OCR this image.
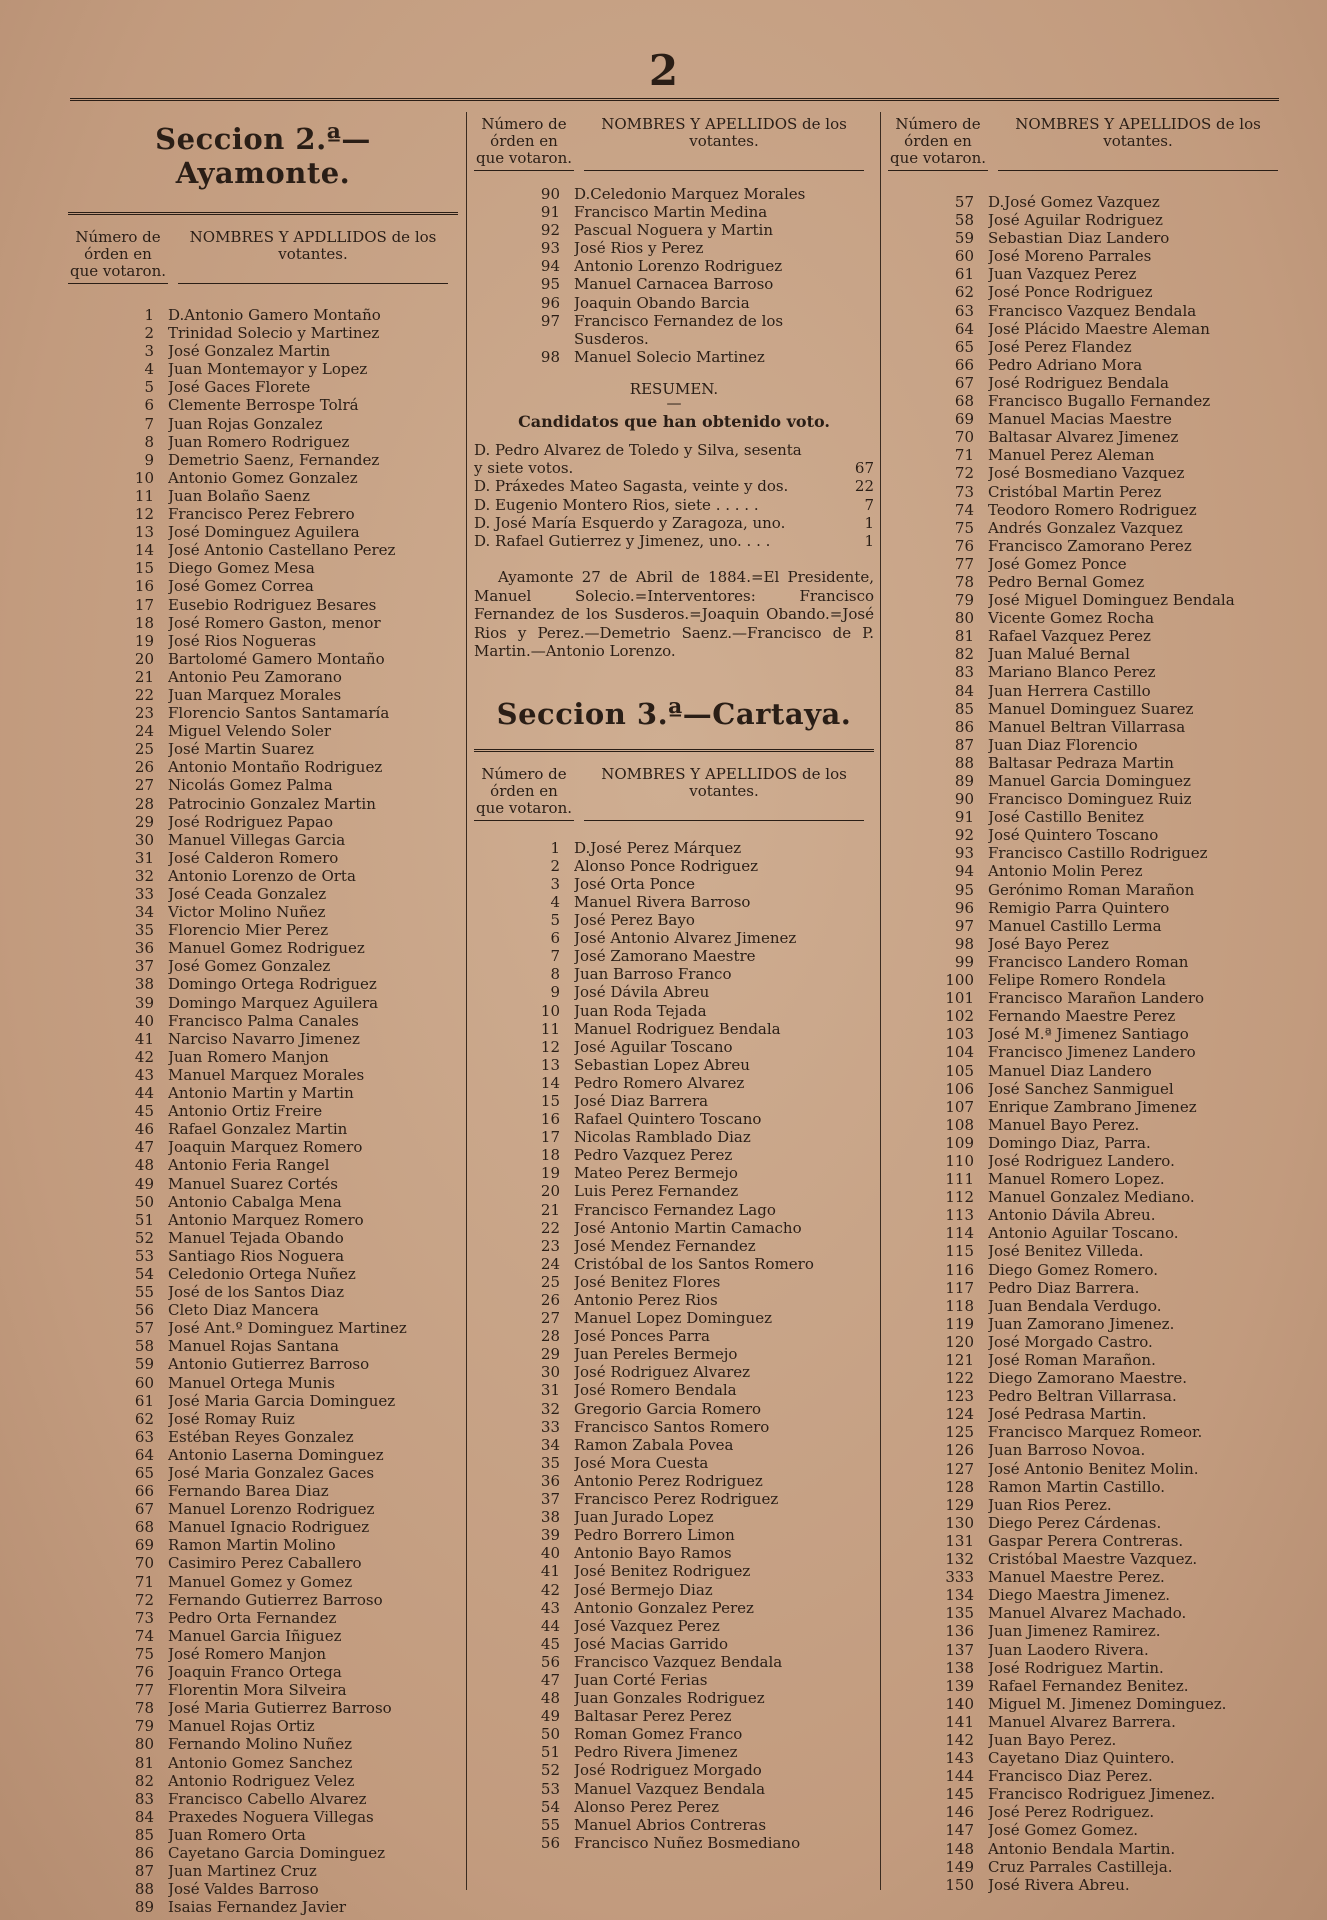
2
Seccion 2.ª—Ayamonte.
Número de órden en que votaron.
NOMBRES Y APDLLIDOS de los votantes.
1 D.Antonio Gamero Montaño
2 Trinidad Solecio y Martinez
3 José Gonzalez Martin
4 Juan Montemayor y Lopez
5 José Gaces Florete
6 Clemente Berrospe Tolrá
7 Juan Rojas Gonzalez
8 Juan Romero Rodriguez
9 Demetrio Saenz, Fernandez
10 Antonio Gomez Gonzalez
11 Juan Bolaño Saenz
12 Francisco Perez Febrero
13 José Dominguez Aguilera
14 José Antonio Castellano Perez
15 Diego Gomez Mesa
16 José Gomez Correa
17 Eusebio Rodriguez Besares
18 José Romero Gaston, menor
19 José Rios Nogueras
20 Bartolomé Gamero Montaño
21 Antonio Peu Zamorano
22 Juan Marquez Morales
23 Florencio Santos Santamaría
24 Miguel Velendo Soler
25 José Martin Suarez
26 Antonio Montaño Rodriguez
27 Nicolás Gomez Palma
28 Patrocinio Gonzalez Martin
29 José Rodriguez Papao
30 Manuel Villegas Garcia
31 José Calderon Romero
32 Antonio Lorenzo de Orta
33 José Ceada Gonzalez
34 Victor Molino Nuñez
35 Florencio Mier Perez
36 Manuel Gomez Rodriguez
37 José Gomez Gonzalez
38 Domingo Ortega Rodriguez
39 Domingo Marquez Aguilera
40 Francisco Palma Canales
41 Narciso Navarro Jimenez
42 Juan Romero Manjon
43 Manuel Marquez Morales
44 Antonio Martin y Martin
45 Antonio Ortiz Freire
46 Rafael Gonzalez Martin
47 Joaquin Marquez Romero
48 Antonio Feria Rangel
49 Manuel Suarez Cortés
50 Antonio Cabalga Mena
51 Antonio Marquez Romero
52 Manuel Tejada Obando
53 Santiago Rios Noguera
54 Celedonio Ortega Nuñez
55 José de los Santos Diaz
56 Cleto Diaz Mancera
57 José Ant.º Dominguez Martinez
58 Manuel Rojas Santana
59 Antonio Gutierrez Barroso
60 Manuel Ortega Munis
61 José Maria Garcia Dominguez
62 José Romay Ruiz
63 Estéban Reyes Gonzalez
64 Antonio Laserna Dominguez
65 José Maria Gonzalez Gaces
66 Fernando Barea Diaz
67 Manuel Lorenzo Rodriguez
68 Manuel Ignacio Rodriguez
69 Ramon Martin Molino
70 Casimiro Perez Caballero
71 Manuel Gomez y Gomez
72 Fernando Gutierrez Barroso
73 Pedro Orta Fernandez
74 Manuel Garcia Iñiguez
75 José Romero Manjon
76 Joaquin Franco Ortega
77 Florentin Mora Silveira
78 José Maria Gutierrez Barroso
79 Manuel Rojas Ortiz
80 Fernando Molino Nuñez
81 Antonio Gomez Sanchez
82 Antonio Rodriguez Velez
83 Francisco Cabello Alvarez
84 Praxedes Noguera Villegas
85 Juan Romero Orta
86 Cayetano Garcia Dominguez
87 Juan Martinez Cruz
88 José Valdes Barroso
89 Isaias Fernandez Javier
Número de órden en que votaron.
NOMBRES Y APELLIDOS de los votantes.
90 D.Celedonio Marquez Morales
91 Francisco Martin Medina
92 Pascual Noguera y Martin
93 José Rios y Perez
94 Antonio Lorenzo Rodriguez
95 Manuel Carnacea Barroso
96 Joaquin Obando Barcia
97 Francisco Fernandez de los
Susderos.
98 Manuel Solecio Martinez
RESUMEN.
—
Candidatos que han obtenido voto.
D. Pedro Alvarez de Toledo y Silva, sesenta
y siete votos.	67
D. Práxedes Mateo Sagasta, veinte y dos.	22
D. Eugenio Montero Rios, siete . . . . .	7
D. José María Esquerdo y Zaragoza, uno.	1
D. Rafael Gutierrez y Jimenez, uno. . . .	1
Ayamonte 27 de Abril de 1884.=El Presidente, Manuel Solecio.=Interventores: Francisco Fernandez de los Susderos.=Joaquin Obando.=José Rios y Perez.—Demetrio Saenz.—Francisco de P. Martin.—Antonio Lorenzo.
Seccion 3.ª—Cartaya.
Número de órden en que votaron.
NOMBRES Y APELLIDOS de los votantes.
1 D.José Perez Márquez
2 Alonso Ponce Rodriguez
3 José Orta Ponce
4 Manuel Rivera Barroso
5 José Perez Bayo
6 José Antonio Alvarez Jimenez
7 José Zamorano Maestre
8 Juan Barroso Franco
9 José Dávila Abreu
10 Juan Roda Tejada
11 Manuel Rodriguez Bendala
12 José Aguilar Toscano
13 Sebastian Lopez Abreu
14 Pedro Romero Alvarez
15 José Diaz Barrera
16 Rafael Quintero Toscano
17 Nicolas Ramblado Diaz
18 Pedro Vazquez Perez
19 Mateo Perez Bermejo
20 Luis Perez Fernandez
21 Francisco Fernandez Lago
22 José Antonio Martin Camacho
23 José Mendez Fernandez
24 Cristóbal de los Santos Romero
25 José Benitez Flores
26 Antonio Perez Rios
27 Manuel Lopez Dominguez
28 José Ponces Parra
29 Juan Pereles Bermejo
30 José Rodriguez Alvarez
31 José Romero Bendala
32 Gregorio Garcia Romero
33 Francisco Santos Romero
34 Ramon Zabala Povea
35 José Mora Cuesta
36 Antonio Perez Rodriguez
37 Francisco Perez Rodriguez
38 Juan Jurado Lopez
39 Pedro Borrero Limon
40 Antonio Bayo Ramos
41 José Benitez Rodriguez
42 José Bermejo Diaz
43 Antonio Gonzalez Perez
44 José Vazquez Perez
45 José Macias Garrido
56 Francisco Vazquez Bendala
47 Juan Corté Ferias
48 Juan Gonzales Rodriguez
49 Baltasar Perez Perez
50 Roman Gomez Franco
51 Pedro Rivera Jimenez
52 José Rodriguez Morgado
53 Manuel Vazquez Bendala
54 Alonso Perez Perez
55 Manuel Abrios Contreras
56 Francisco Nuñez Bosmediano
Número de órden en que votaron.
NOMBRES Y APELLIDOS de los votantes.
57 D.José Gomez Vazquez
58 José Aguilar Rodriguez
59 Sebastian Diaz Landero
60 José Moreno Parrales
61 Juan Vazquez Perez
62 José Ponce Rodriguez
63 Francisco Vazquez Bendala
64 José Plácido Maestre Aleman
65 José Perez Flandez
66 Pedro Adriano Mora
67 José Rodriguez Bendala
68 Francisco Bugallo Fernandez
69 Manuel Macias Maestre
70 Baltasar Alvarez Jimenez
71 Manuel Perez Aleman
72 José Bosmediano Vazquez
73 Cristóbal Martin Perez
74 Teodoro Romero Rodriguez
75 Andrés Gonzalez Vazquez
76 Francisco Zamorano Perez
77 José Gomez Ponce
78 Pedro Bernal Gomez
79 José Miguel Dominguez Bendala
80 Vicente Gomez Rocha
81 Rafael Vazquez Perez
82 Juan Malué Bernal
83 Mariano Blanco Perez
84 Juan Herrera Castillo
85 Manuel Dominguez Suarez
86 Manuel Beltran Villarrasa
87 Juan Diaz Florencio
88 Baltasar Pedraza Martin
89 Manuel Garcia Dominguez
90 Francisco Dominguez Ruiz
91 José Castillo Benitez
92 José Quintero Toscano
93 Francisco Castillo Rodriguez
94 Antonio Molin Perez
95 Gerónimo Roman Marañon
96 Remigio Parra Quintero
97 Manuel Castillo Lerma
98 José Bayo Perez
99 Francisco Landero Roman
100 Felipe Romero Rondela
101 Francisco Marañon Landero
102 Fernando Maestre Perez
103 José M.ª Jimenez Santiago
104 Francisco Jimenez Landero
105 Manuel Diaz Landero
106 José Sanchez Sanmiguel
107 Enrique Zambrano Jimenez
108 Manuel Bayo Perez.
109 Domingo Diaz, Parra.
110 José Rodriguez Landero.
111 Manuel Romero Lopez.
112 Manuel Gonzalez Mediano.
113 Antonio Dávila Abreu.
114 Antonio Aguilar Toscano.
115 José Benitez Villeda.
116 Diego Gomez Romero.
117 Pedro Diaz Barrera.
118 Juan Bendala Verdugo.
119 Juan Zamorano Jimenez.
120 José Morgado Castro.
121 José Roman Marañon.
122 Diego Zamorano Maestre.
123 Pedro Beltran Villarrasa.
124 José Pedrasa Martin.
125 Francisco Marquez Romeor.
126 Juan Barroso Novoa.
127 José Antonio Benitez Molin.
128 Ramon Martin Castillo.
129 Juan Rios Perez.
130 Diego Perez Cárdenas.
131 Gaspar Perera Contreras.
132 Cristóbal Maestre Vazquez.
333 Manuel Maestre Perez.
134 Diego Maestra Jimenez.
135 Manuel Alvarez Machado.
136 Juan Jimenez Ramirez.
137 Juan Laodero Rivera.
138 José Rodriguez Martin.
139 Rafael Fernandez Benitez.
140 Miguel M. Jimenez Dominguez.
141 Manuel Alvarez Barrera.
142 Juan Bayo Perez.
143 Cayetano Diaz Quintero.
144 Francisco Diaz Perez.
145 Francisco Rodriguez Jimenez.
146 José Perez Rodriguez.
147 José Gomez Gomez.
148 Antonio Bendala Martin.
149 Cruz Parrales Castilleja.
150 José Rivera Abreu.
